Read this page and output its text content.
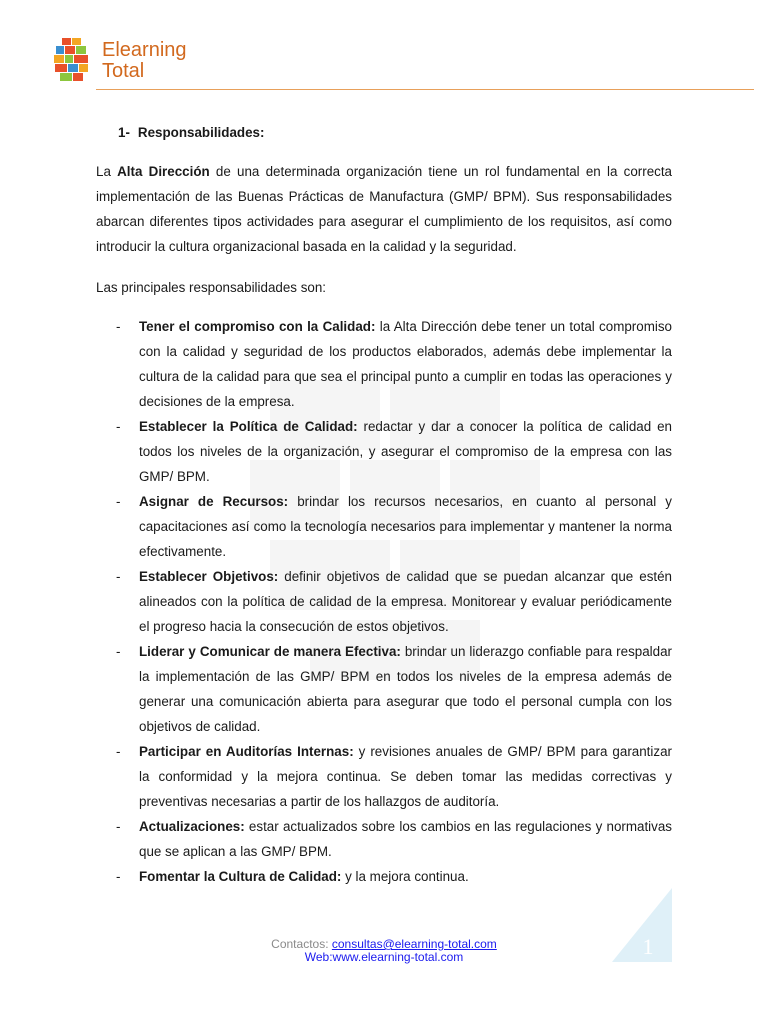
Elearning
Total
1- Responsabilidades:

La Alta Dirección de una determinada organización tiene un rol fundamental en la correcta implementación de las Buenas Prácticas de Manufactura (GMP/ BPM). Sus responsabilidades abarcan diferentes tipos actividades para asegurar el cumplimiento de los requisitos, así como introducir la cultura organizacional basada en la calidad y la seguridad.

Las principales responsabilidades son:

- Tener el compromiso con la Calidad: la Alta Dirección debe tener un total compromiso con la calidad y seguridad de los productos elaborados, además debe implementar la cultura de la calidad para que sea el principal punto a cumplir en todas las operaciones y decisiones de la empresa.
- Establecer la Política de Calidad: redactar y dar a conocer la política de calidad en todos los niveles de la organización, y asegurar el compromiso de la empresa con las GMP/ BPM.
- Asignar de Recursos: brindar los recursos necesarios, en cuanto al personal y capacitaciones así como la tecnología necesarios para implementar y mantener la norma efectivamente.
- Establecer Objetivos: definir objetivos de calidad que se puedan alcanzar que estén alineados con la política de calidad de la empresa. Monitorear y evaluar periódicamente el progreso hacia la consecución de estos objetivos.
- Liderar y Comunicar de manera Efectiva: brindar un liderazgo confiable para respaldar la implementación de las GMP/ BPM en todos los niveles de la empresa además de generar una comunicación abierta para asegurar que todo el personal cumpla con los objetivos de calidad.
- Participar en Auditorías Internas: y revisiones anuales de GMP/ BPM para garantizar la conformidad y la mejora continua. Se deben tomar las medidas correctivas y preventivas necesarias a partir de los hallazgos de auditoría.
- Actualizaciones: estar actualizados sobre los cambios en las regulaciones y normativas que se aplican a las GMP/ BPM.
- Fomentar la Cultura de Calidad: y la mejora continua.
1
Contactos: consultas@elearning-total.com
Web:www.elearning-total.com
